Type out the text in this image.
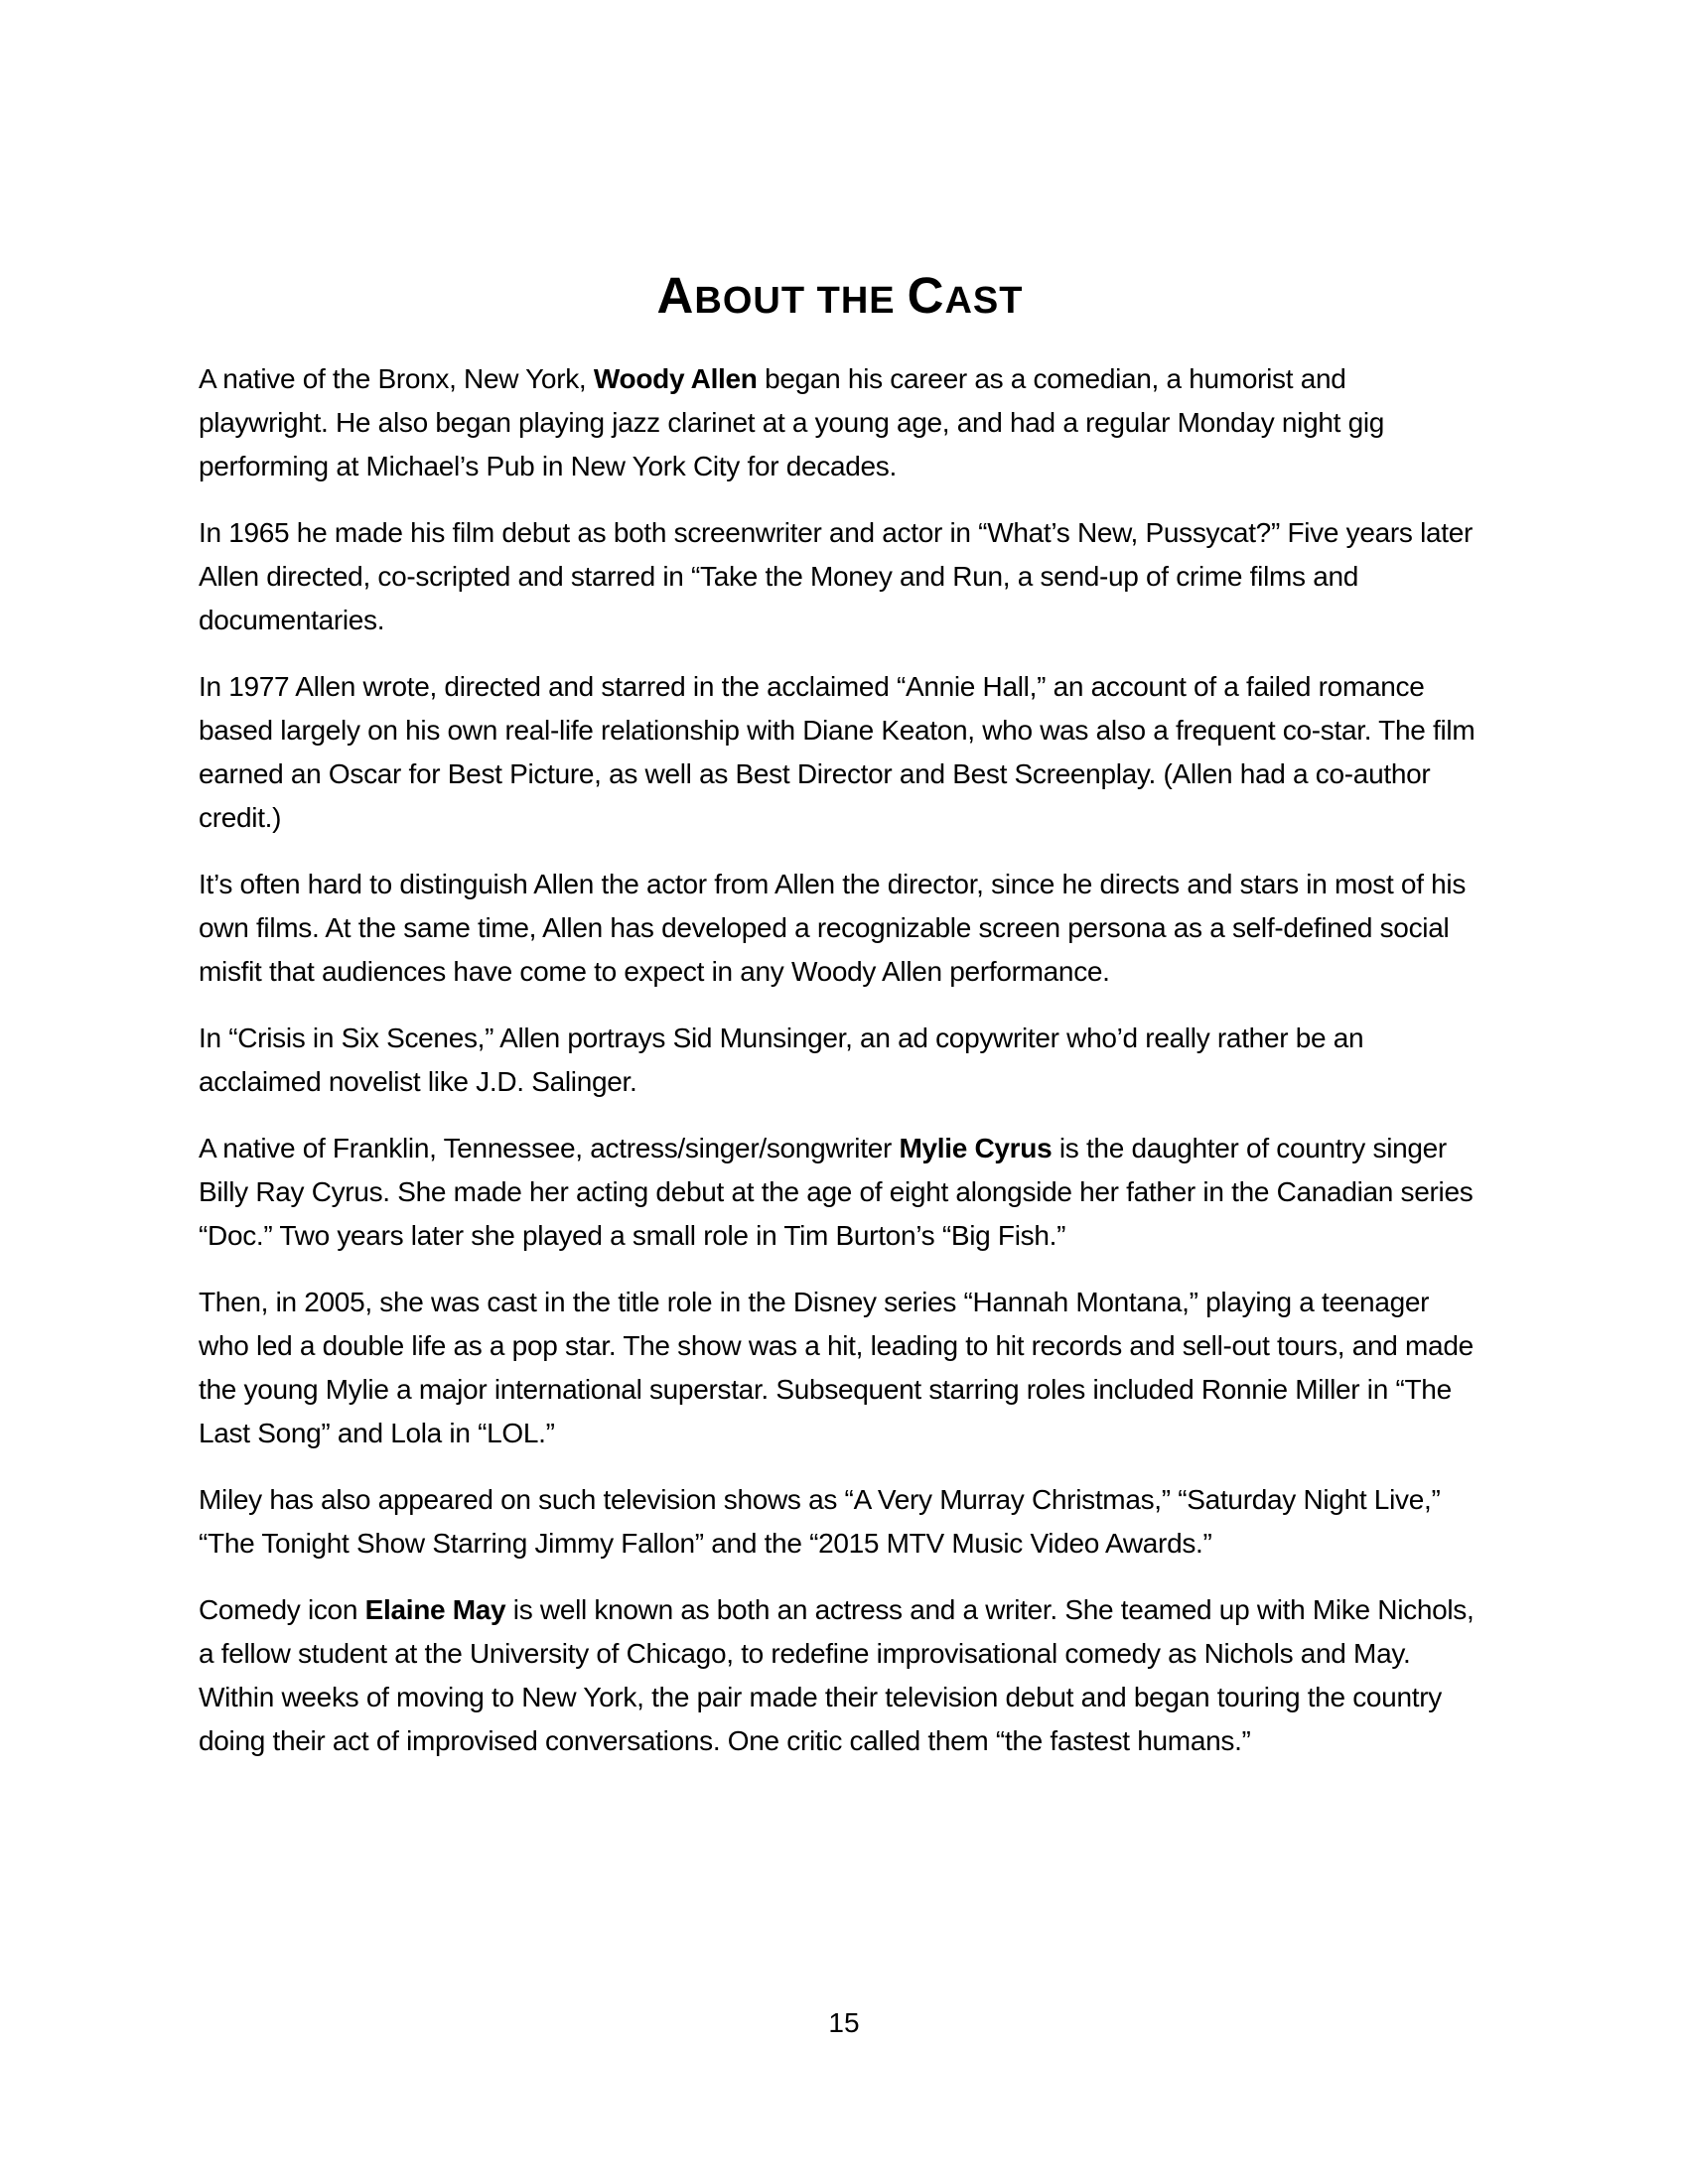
ABOUT THE CAST

A native of the Bronx, New York, Woody Allen began his career as a comedian, a humorist and playwright. He also began playing jazz clarinet at a young age, and had a regular Monday night gig performing at Michael’s Pub in New York City for decades.

In 1965 he made his film debut as both screenwriter and actor in “What’s New, Pussycat?” Five years later Allen directed, co-scripted and starred in “Take the Money and Run, a send-up of crime films and documentaries.

In 1977 Allen wrote, directed and starred in the acclaimed “Annie Hall,” an account of a failed romance based largely on his own real-life relationship with Diane Keaton, who was also a frequent co-star. The film earned an Oscar for Best Picture, as well as Best Director and Best Screenplay. (Allen had a co-author credit.)

It’s often hard to distinguish Allen the actor from Allen the director, since he directs and stars in most of his own films. At the same time, Allen has developed a recognizable screen persona as a self-defined social misfit that audiences have come to expect in any Woody Allen performance.

In “Crisis in Six Scenes,” Allen portrays Sid Munsinger, an ad copywriter who’d really rather be an acclaimed novelist like J.D. Salinger.

A native of Franklin, Tennessee, actress/singer/songwriter Mylie Cyrus is the daughter of country singer Billy Ray Cyrus. She made her acting debut at the age of eight alongside her father in the Canadian series “Doc.” Two years later she played a small role in Tim Burton’s “Big Fish.”

Then, in 2005, she was cast in the title role in the Disney series “Hannah Montana,” playing a teenager who led a double life as a pop star. The show was a hit, leading to hit records and sell-out tours, and made the young Mylie a major international superstar. Subsequent starring roles included Ronnie Miller in “The Last Song” and Lola in “LOL.”

Miley has also appeared on such television shows as “A Very Murray Christmas,” “Saturday Night Live,” “The Tonight Show Starring Jimmy Fallon” and the “2015 MTV Music Video Awards.”

Comedy icon Elaine May is well known as both an actress and a writer. She teamed up with Mike Nichols, a fellow student at the University of Chicago, to redefine improvisational comedy as Nichols and May. Within weeks of moving to New York, the pair made their television debut and began touring the country doing their act of improvised conversations. One critic called them “the fastest humans.”

15
